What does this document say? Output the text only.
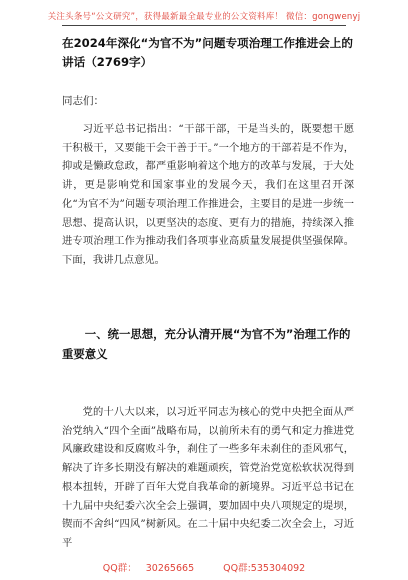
关注头条号“公文研究”，获得最新最全最专业的公文资料库！ 微信：gongwenyj
在2024年深化“为官不为”问题专项治理工作推进会上的讲话（2769字）
同志们：

习近平总书记指出：“干部干部，干是当头的，既要想干愿干积极干，又要能干会干善于干。”一个地方的干部若是不作为，抑或是懒政怠政，都严重影响着这个地方的改革与发展，于大处讲，更是影响党和国家事业的发展今天，我们在这里召开深化“为官不为”问题专项治理工作推进会，主要目的是进一步统一思想、提高认识，以更坚决的态度、更有力的措施，持续深入推进专项治理工作为推动我们各项事业高质量发展提供坚强保障。下面，我讲几点意见。

一、统一思想，充分认清开展“为官不为”治理工作的重要意义

党的十八大以来，以习近平同志为核心的党中央把全面从严治党纳入“四个全面”战略布局，以前所未有的勇气和定力推进党风廉政建设和反腐败斗争，刹住了一些多年未刹住的歪风邪气，解决了许多长期没有解决的难题顽疾，管党治党宽松软状况得到根本扭转，开辟了百年大党自我革命的新境界。习近平总书记在十九届中央纪委六次全会上强调，要加固中央八项规定的堤坝，锲而不舍纠“四风”树新风。在二十届中央纪委二次全会上，习近平

QQ群： 30265665	QQ群:535304092
